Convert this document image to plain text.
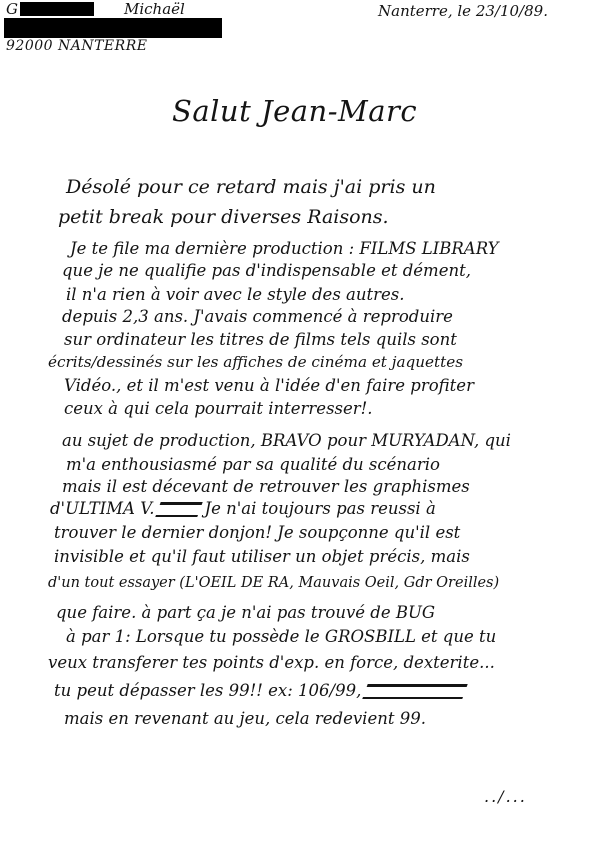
G	Michaël
92000 NANTERRE
Nanterre, le 23/10/89.
Salut Jean-Marc
Désolé pour ce retard mais j'ai pris un
petit break pour diverses Raisons.
Je te file ma dernière production : FILMS LIBRARY
que je ne qualifie pas d'indispensable et dément,
il n'a rien à voir avec le style des autres.
depuis 2,3 ans. J'avais commencé à reproduire
sur ordinateur les titres de films tels quils sont
écrits/dessinés sur les affiches de cinéma et jaquettes
Vidéo., et il m'est venu à l'idée d'en faire profiter
ceux à qui cela pourrait interresser!.
au sujet de production, BRAVO pour MURYADAN, qui
m'a enthousiasmé par sa qualité du scénario
mais il est décevant de retrouver les graphismes
d'ULTIMA V.	Je n'ai toujours pas reussi à
trouver le dernier donjon! Je soupçonne qu'il est
invisible et qu'il faut utiliser un objet précis, mais
d'un tout essayer (L'OEIL DE RA, Mauvais Oeil, Gdr Oreilles)
que faire. à part ça je n'ai pas trouvé de BUG
à par 1: Lorsque tu possède le GROSBILL et que tu
veux transferer tes points d'exp. en force, dexterite...
tu peut dépasser les 99!! ex: 106/99,
mais en revenant au jeu, cela redevient 99.
../...
